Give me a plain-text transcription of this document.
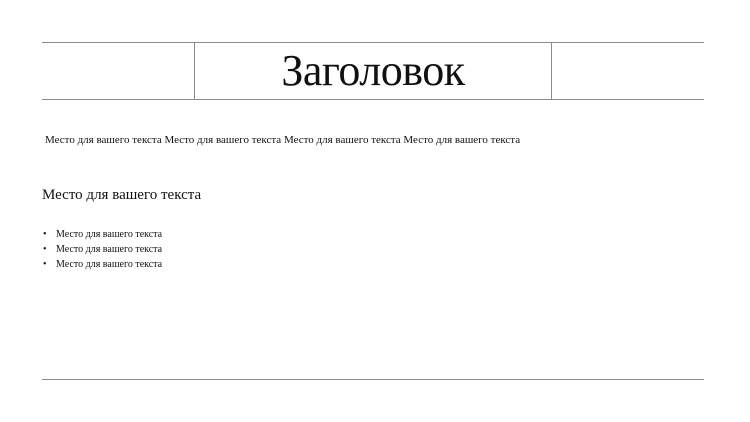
Заголовок
Место для вашего текста Место для вашего текста Место для вашего текста Место для вашего текста
Место для вашего текста
• Место для вашего текста
• Место для вашего текста
• Место для вашего текста
